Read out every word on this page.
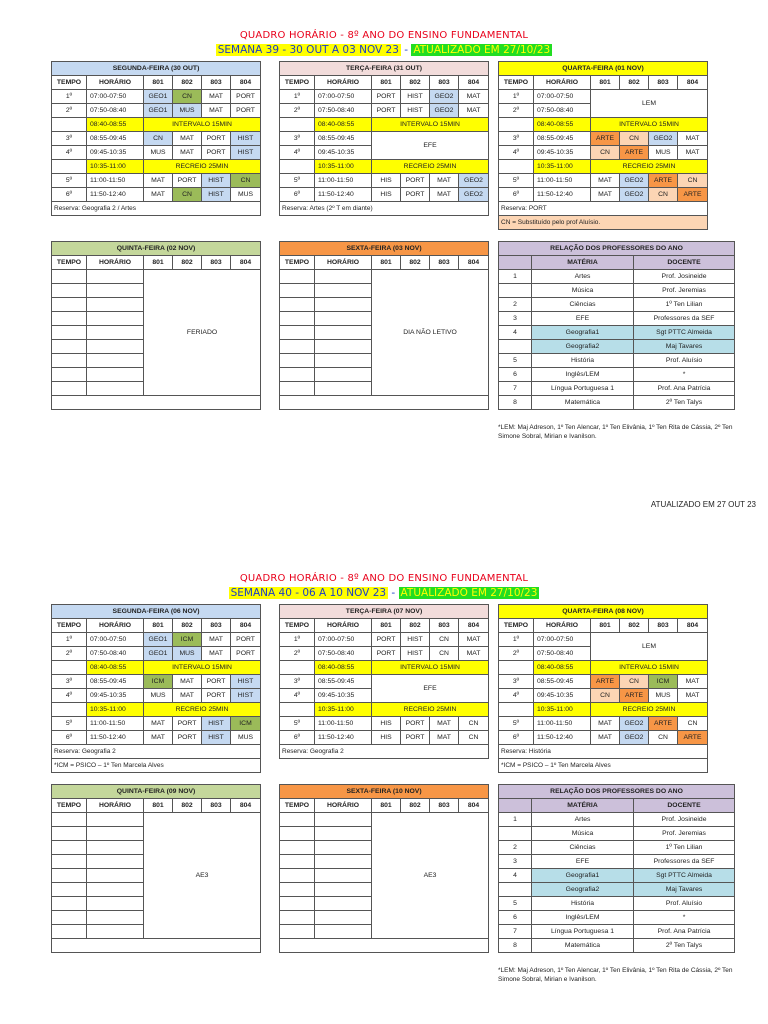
ATUALIZADO EM 27 OUT 23
QUADRO HORÁRIO - 8º ANO DO ENSINO FUNDAMENTAL
SEMANA 39 - 30 OUT A 03 NOV 23 - ATUALIZADO EM 27/10/23
SEGUNDA-FEIRA (30 OUT)					
TEMPO	HORÁRIO	801	802	803	804
1º	07:00-07:50	GEO1	CN	MAT	PORT
2º	07:50-08:40	GEO1	MUS	MAT	PORT
	08:40-08:55	INTERVALO 15MIN			
3º	08:55-09:45	CN	MAT	PORT	HIST
4º	09:45-10:35	MUS	MAT	PORT	HIST
	10:35-11:00	RECREIO 25MIN			
5º	11:00-11:50	MAT	PORT	HIST	CN
6º	11:50-12:40	MAT	CN	HIST	MUS
Reserva: Geografia 2 / Artes					
TERÇA-FEIRA (31 OUT)					
TEMPO	HORÁRIO	801	802	803	804
1º	07:00-07:50	PORT	HIST	GEO2	MAT
2º	07:50-08:40	PORT	HIST	GEO2	MAT
	08:40-08:55	INTERVALO 15MIN			
3º	08:55-09:45	EFE			
4º	09:45-10:35				
	10:35-11:00	RECREIO 25MIN			
5º	11:00-11:50	HIS	PORT	MAT	GEO2
6º	11:50-12:40	HIS	PORT	MAT	GEO2
Reserva: Artes (2º T em diante)					
QUARTA-FEIRA (01 NOV)					
TEMPO	HORÁRIO	801	802	803	804
1º	07:00-07:50	LEM			
2º	07:50-08:40				
	08:40-08:55	INTERVALO 15MIN			
3º	08:55-09:45	ARTE	CN	GEO2	MAT
4º	09:45-10:35	CN	ARTE	MUS	MAT
	10:35-11:00	RECREIO 25MIN			
5º	11:00-11:50	MAT	GEO2	ARTE	CN
6º	11:50-12:40	MAT	GEO2	CN	ARTE
Reserva: PORT					
CN = Substituído pelo prof Aluísio.					
QUINTA-FEIRA (02 NOV)					
TEMPO	HORÁRIO	801	802	803	804
		FERIADO			

SEXTA-FEIRA (03 NOV)					
TEMPO	HORÁRIO	801	802	803	804
		DIA NÃO LETIVO			

RELAÇÃO DOS PROFESSORES DO ANO		
	MATÉRIA	DOCENTE
1	Artes	Prof. Josineide
	Música	Prof. Jeremias
2	Ciências	1º Ten Lilian
3	EFE	Professores da SEF
4	Geografia1	Sgt PTTC Almeida
	Geografia2	Maj Tavares
5	História	Prof. Aluísio
6	Inglês/LEM	*
7	Língua Portuguesa 1	Prof. Ana Patrícia
8	Matemática	2º Ten Talys
*LEM: Maj Adreson, 1º Ten Alencar, 1º Ten Elivânia, 1º Ten Rita de Cássia, 2º Ten Simone Sobral, Mirian e Ivanilson.
QUADRO HORÁRIO - 8º ANO DO ENSINO FUNDAMENTAL
SEMANA 40 - 06 A 10 NOV 23 - ATUALIZADO EM 27/10/23
SEGUNDA-FEIRA (06 NOV)					
TEMPO	HORÁRIO	801	802	803	804
1º	07:00-07:50	GEO1	ICM	MAT	PORT
2º	07:50-08:40	GEO1	MUS	MAT	PORT
	08:40-08:55	INTERVALO 15MIN			
3º	08:55-09:45	ICM	MAT	PORT	HIST
4º	09:45-10:35	MUS	MAT	PORT	HIST
	10:35-11:00	RECREIO 25MIN			
5º	11:00-11:50	MAT	PORT	HIST	ICM
6º	11:50-12:40	MAT	PORT	HIST	MUS
Reserva: Geografia 2					
*ICM = PSICO – 1º Ten Marcela Alves					
TERÇA-FEIRA (07 NOV)					
TEMPO	HORÁRIO	801	802	803	804
1º	07:00-07:50	PORT	HIST	CN	MAT
2º	07:50-08:40	PORT	HIST	CN	MAT
	08:40-08:55	INTERVALO 15MIN			
3º	08:55-09:45	EFE			
4º	09:45-10:35				
	10:35-11:00	RECREIO 25MIN			
5º	11:00-11:50	HIS	PORT	MAT	CN
6º	11:50-12:40	HIS	PORT	MAT	CN
Reserva: Geografia 2					
QUARTA-FEIRA (08 NOV)					
TEMPO	HORÁRIO	801	802	803	804
1º	07:00-07:50	LEM			
2º	07:50-08:40				
	08:40-08:55	INTERVALO 15MIN			
3º	08:55-09:45	ARTE	CN	ICM	MAT
4º	09:45-10:35	CN	ARTE	MUS	MAT
	10:35-11:00	RECREIO 25MIN			
5º	11:00-11:50	MAT	GEO2	ARTE	CN
6º	11:50-12:40	MAT	GEO2	CN	ARTE
Reserva: História					
*ICM = PSICO – 1º Ten Marcela Alves					
QUINTA-FEIRA (09 NOV)					
TEMPO	HORÁRIO	801	802	803	804
		AE3			

SEXTA-FEIRA (10 NOV)					
TEMPO	HORÁRIO	801	802	803	804
		AE3			

RELAÇÃO DOS PROFESSORES DO ANO		
	MATÉRIA	DOCENTE
1	Artes	Prof. Josineide
	Música	Prof. Jeremias
2	Ciências	1º Ten Lilian
3	EFE	Professores da SEF
4	Geografia1	Sgt PTTC Almeida
	Geografia2	Maj Tavares
5	História	Prof. Aluísio
6	Inglês/LEM	*
7	Língua Portuguesa 1	Prof. Ana Patrícia
8	Matemática	2º Ten Talys
*LEM: Maj Adreson, 1º Ten Alencar, 1º Ten Elivânia, 1º Ten Rita de Cássia, 2º Ten Simone Sobral, Mirian e Ivanilson.
